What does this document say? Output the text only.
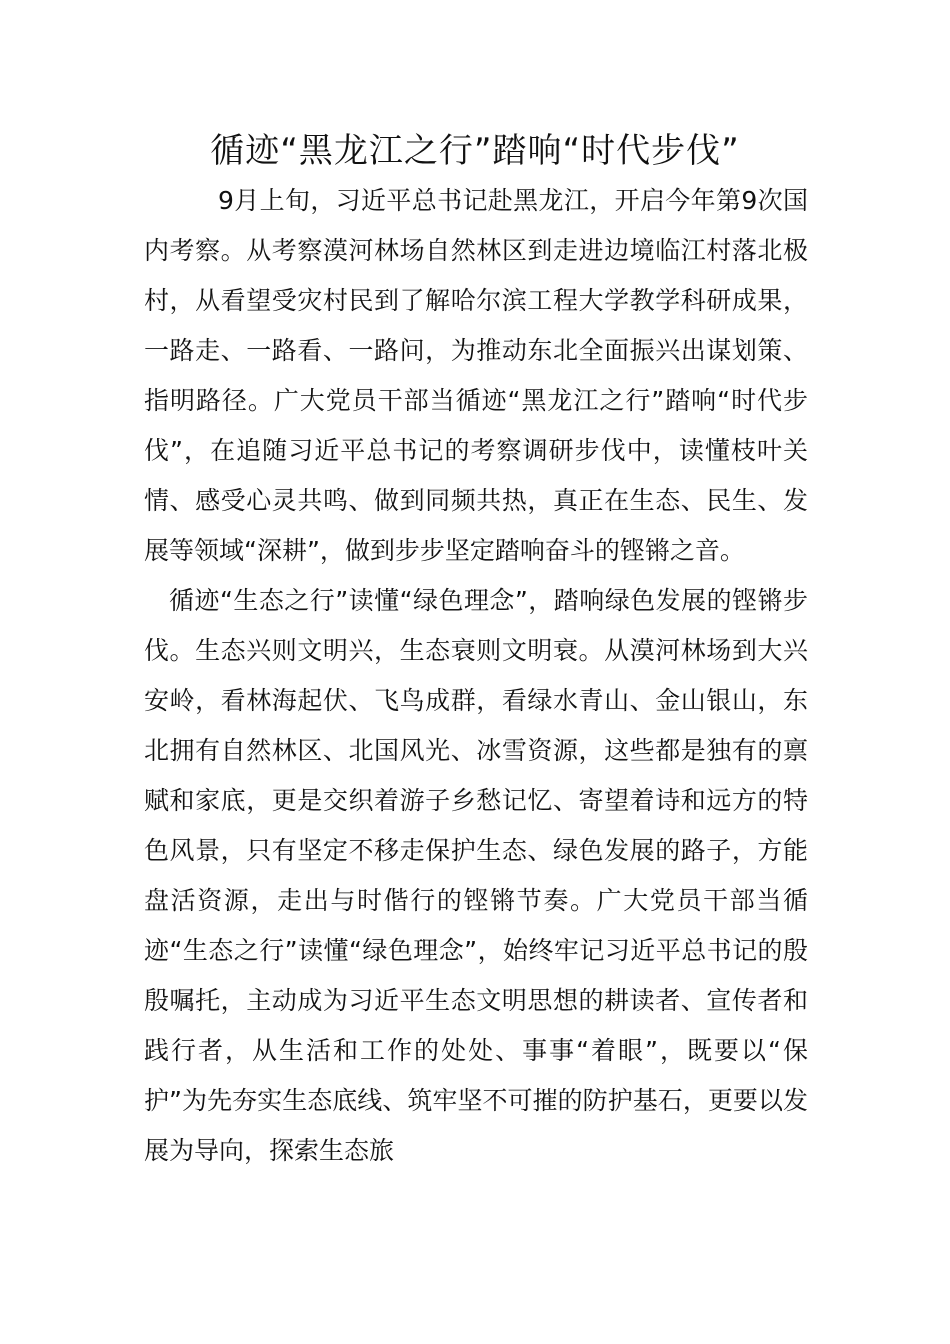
循迹“黑龙江之行”踏响“时代步伐”

9月上旬，习近平总书记赴黑龙江，开启今年第9次国内考察。从考察漠河林场自然林区到走进边境临江村落北极村，从看望受灾村民到了解哈尔滨工程大学教学科研成果，一路走、一路看、一路问，为推动东北全面振兴出谋划策、指明路径。广大党员干部当循迹“黑龙江之行”踏响“时代步伐”，在追随习近平总书记的考察调研步伐中，读懂枝叶关情、感受心灵共鸣、做到同频共热，真正在生态、民生、发展等领域“深耕”，做到步步坚定踏响奋斗的铿锵之音。

循迹“生态之行”读懂“绿色理念”，踏响绿色发展的铿锵步伐。生态兴则文明兴，生态衰则文明衰。从漠河林场到大兴安岭，看林海起伏、飞鸟成群，看绿水青山、金山银山，东北拥有自然林区、北国风光、冰雪资源，这些都是独有的禀赋和家底，更是交织着游子乡愁记忆、寄望着诗和远方的特色风景，只有坚定不移走保护生态、绿色发展的路子，方能盘活资源，走出与时偕行的铿锵节奏。广大党员干部当循迹“生态之行”读懂“绿色理念”，始终牢记习近平总书记的殷殷嘱托，主动成为习近平生态文明思想的耕读者、宣传者和践行者，从生活和工作的处处、事事“着眼”，既要以“保护”为先夯实生态底线、筑牢坚不可摧的防护基石，更要以发展为导向，探索生态旅
